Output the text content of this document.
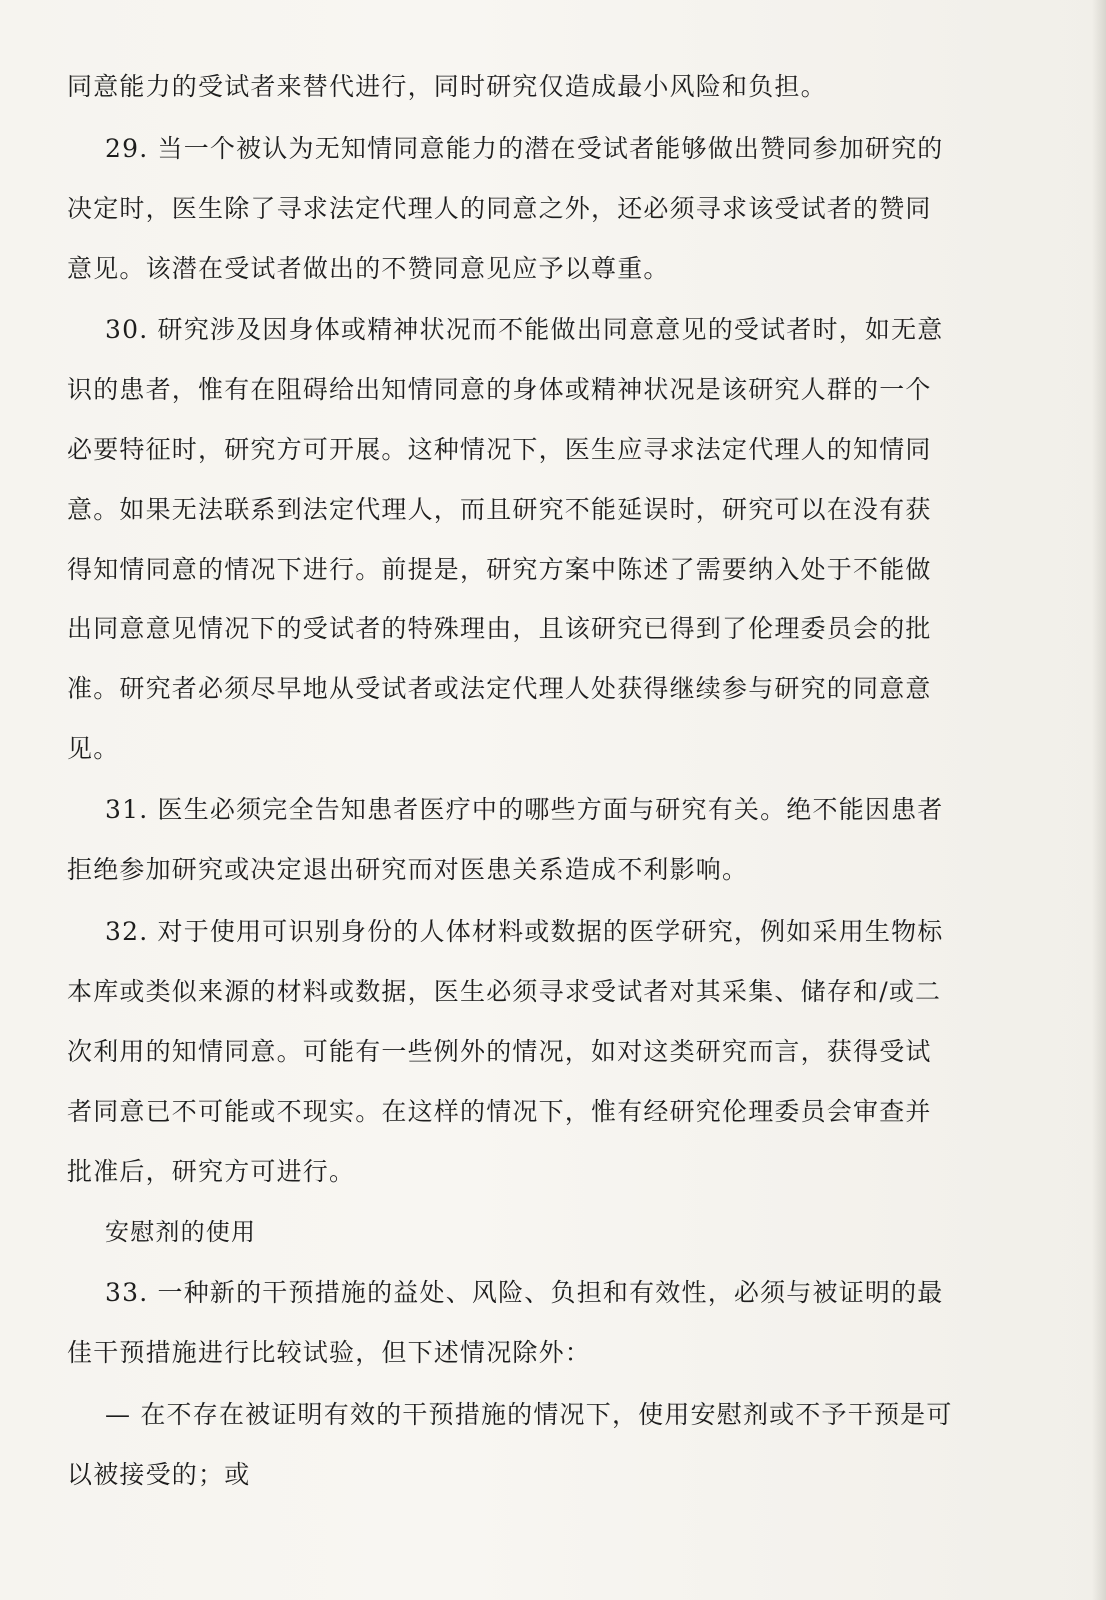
同意能力的受试者来替代进行，同时研究仅造成最小风险和负担。
29. 当一个被认为无知情同意能力的潜在受试者能够做出赞同参加研究的
决定时，医生除了寻求法定代理人的同意之外，还必须寻求该受试者的赞同
意见。该潜在受试者做出的不赞同意见应予以尊重。
30. 研究涉及因身体或精神状况而不能做出同意意见的受试者时，如无意
识的患者，惟有在阻碍给出知情同意的身体或精神状况是该研究人群的一个
必要特征时，研究方可开展。这种情况下，医生应寻求法定代理人的知情同
意。如果无法联系到法定代理人，而且研究不能延误时，研究可以在没有获
得知情同意的情况下进行。前提是，研究方案中陈述了需要纳入处于不能做
出同意意见情况下的受试者的特殊理由，且该研究已得到了伦理委员会的批
准。研究者必须尽早地从受试者或法定代理人处获得继续参与研究的同意意
见。
31. 医生必须完全告知患者医疗中的哪些方面与研究有关。绝不能因患者
拒绝参加研究或决定退出研究而对医患关系造成不利影响。
32. 对于使用可识别身份的人体材料或数据的医学研究，例如采用生物标
本库或类似来源的材料或数据，医生必须寻求受试者对其采集、储存和/或二
次利用的知情同意。可能有一些例外的情况，如对这类研究而言，获得受试
者同意已不可能或不现实。在这样的情况下，惟有经研究伦理委员会审查并
批准后，研究方可进行。
安慰剂的使用
33. 一种新的干预措施的益处、风险、负担和有效性，必须与被证明的最
佳干预措施进行比较试验，但下述情况除外：
— 在不存在被证明有效的干预措施的情况下，使用安慰剂或不予干预是可
以被接受的；或
